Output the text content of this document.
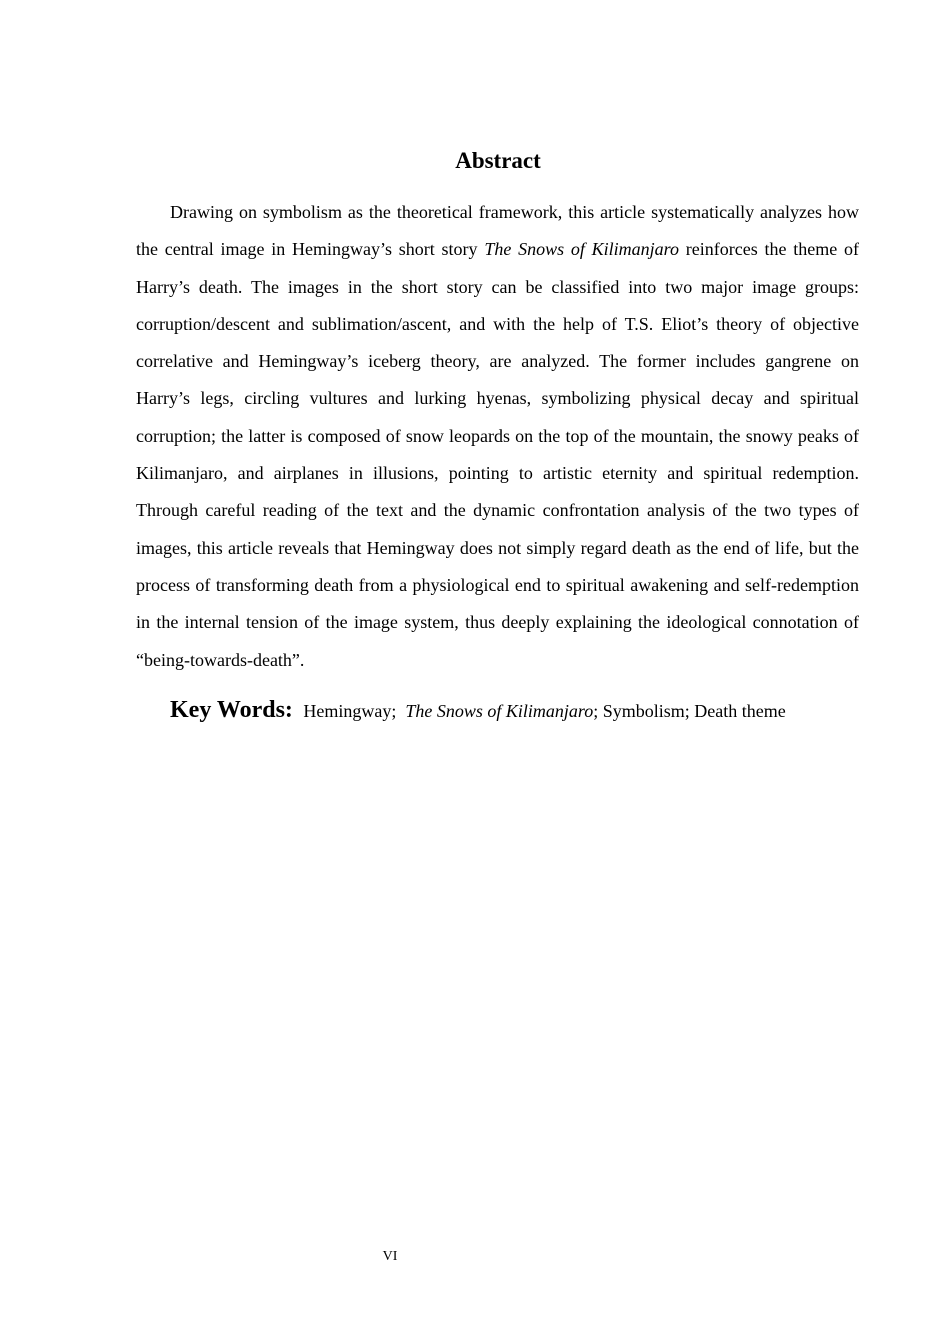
Abstract

Drawing on symbolism as the theoretical framework, this article systematically analyzes how the central image in Hemingway’s short story The Snows of Kilimanjaro reinforces the theme of Harry’s death. The images in the short story can be classified into two major image groups: corruption/descent and sublimation/ascent, and with the help of T.S. Eliot’s theory of objective correlative and Hemingway’s iceberg theory, are analyzed. The former includes gangrene on Harry’s legs, circling vultures and lurking hyenas, symbolizing physical decay and spiritual corruption; the latter is composed of snow leopards on the top of the mountain, the snowy peaks of Kilimanjaro, and airplanes in illusions, pointing to artistic eternity and spiritual redemption. Through careful reading of the text and the dynamic confrontation analysis of the two types of images, this article reveals that Hemingway does not simply regard death as the end of life, but the process of transforming death from a physiological end to spiritual awakening and self-redemption in the internal tension of the image system, thus deeply explaining the ideological connotation of “being-towards-death”.

Key Words: Hemingway; The Snows of Kilimanjaro; Symbolism; Death theme

VI
